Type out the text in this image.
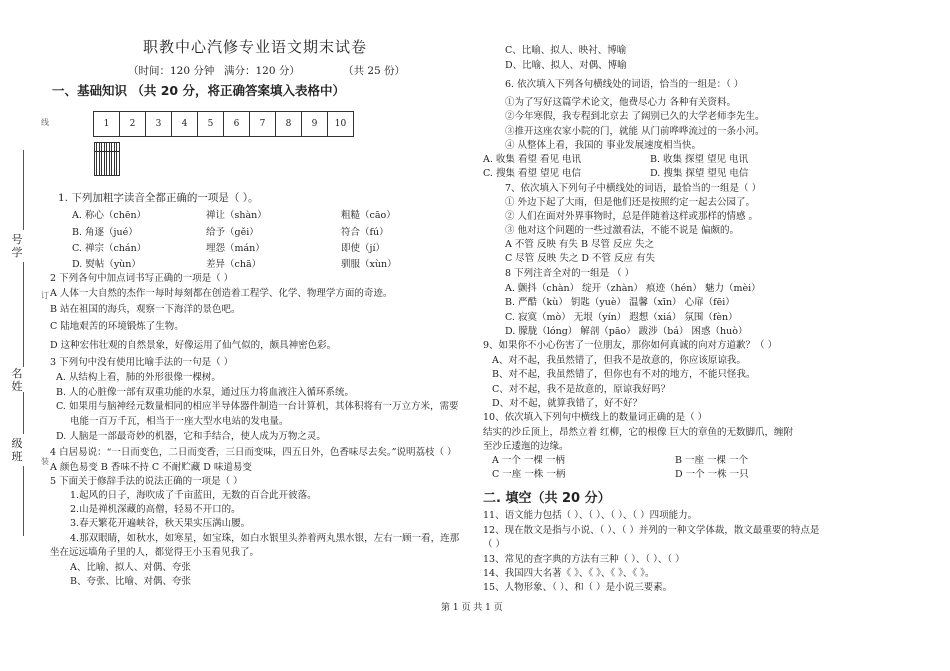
线
订
装
号学
名姓
级班
职教中心汽修专业语文期末试卷
（时间：120 分钟 满分：120 分）	（共 25 份）
一、基础知识 （共 20 分，将正确答案填入表格中）
1	2	3	4	5	6	7	8	9	10

1. 下列加粗字读音全都正确的一项是（ ）。
A. 称心（chēn）	禅让（shàn）	粗糙（cāo）
B. 角逐（jué）	给予（gěi）	符合（fú）
C. 禅宗（chán）	埋怨（mán）	即使（jí）
D. 熨帖（yùn）	差异（chā）	驯服（xùn）
2 下列各句中加点词书写正确的一项是（ ）
A 人体一大自然的杰作一每时每刻都在创造着工程学、化学、物理学方面的奇迹。
B 站在祖国的海兵，观察一下海洋的景色吧。
C 陆地艰苦的环境锻炼了生物。
D 这种宏伟壮观的自然景象，好像运用了仙气似的，颇具神密色彩。
3 下列句中没有使用比喻手法的一句是（ ）
A. 从结构上看，肺的外形很像一棵树。
B. 人的心脏像一部有双重功能的水泵，通过压力将血液注入循环系统。
C. 如果用与脑神经元数量相同的相应半导体器件制造一台计算机，其体积将有一万立方米，需要
电能一百万千瓦，相当于一座大型水电站的发电量。
D. 人脑是一部最奇妙的机器，它和手结合，使人成为万物之灵。
4 白居易说：“一日而变色，二日而变香，三日而变味，四五日外，色香味尽去矣。”说明荔枝（ ）
A 颜色易变 B 香味不持 C 不耐贮藏 D 味道易变
5 下面关于修辞手法的说法正确的一项是（ ）
1.起风的日子，海吹成了千亩蓝田，无数的百合此开彼落。
2.山是禅机深藏的高僧，轻易不开口的。
3.春天繁花开遍峡谷，秋天果实压满山腰。
4.那双眼睛，如秋水，如寒星，如宝珠，如白水银里头养着两丸黑水银，左右一顾一看，连那
坐在远远墙角子里的人，都觉得王小玉看见我了。
A、比喻、拟人、对偶、夸张
B、夸张、比喻、对偶、夸张
C、比喻、拟人、映衬、博喻
D、比喻、拟人、对偶、博喻
6. 依次填入下列各句横线处的词语，恰当的一组是：（ ）
①为了写好这篇学术论文，他费尽心力 各种有关资料。
②今年寒假，我专程到北京去 了阔别已久的大学老师李先生。
③推开这座农家小院的门，就能 从门前哗哗流过的一条小河。
④ 从整体上看，我国的 事业发展速度相当快。
A. 收集 看望 看见 电讯	B. 收集 探望 望见 电讯
C. 搜集 看望 望见 电信	D. 搜集 探望 望见 电信
7、依次填入下列句子中横线处的词语，最恰当的一组是（ ）
① 外边下起了大雨，但是他们还是按照约定一起去公园了。
② 人们在面对外界事物时，总是伴随着这样或那样的情感 。
③ 他对这个问题的一些过激看法，不能不说是 偏颇的。
A 不管 反映 有失 B 尽管 反应 失之
C 尽管 反映 失之 D 不管 反应 有失
8 下列注音全对的一组是 （ ）
A. 颤抖（chàn） 绽开（zhàn） 痕迹（hén） 魅力（mèi）
B. 严酷（kù） 钥匙（yuè） 温馨（xīn） 心扉（fēi）
C. 寂寞（mò） 无垠（yín） 遐想（xiá） 氛围（fèn）
D. 朦胧（lóng） 解剖（pāo） 跋涉（bá） 困惑（huò）
9、如果你不小心伤害了一位朋友，那你如何真诚的向对方道歉？（ ）
A、对不起，我虽然错了，但我不是故意的，你应该原谅我。
B、对不起，我虽然错了，但你也有不对的地方，不能只怪我。
C、对不起，我不是故意的，原谅我好吗？
D、对不起，就算我错了，好不好？
10、依次填入下列句中横线上的数量词正确的是（ ）
结实的沙丘顶上，昂然立着 红柳，它的根像 巨大的章鱼的无数脚爪，缠附
至沙丘逶迤的边缘。
A 一个 一棵 一柄	B 一座 一棵 一个
C 一座 一株 一柄	D 一个 一株 一只
二. 填空（共 20 分）
11、语文能力包括（ ）、（ ）、（ ）、（ ）四项能力。
12、现在散文是指与小说、（ ）、（ ）并列的一种文学体裁，散文最重要的特点是
（ ）
13、常见的查字典的方法有三种（ ）、（ ）、（ ）
14、我国四大名著《 》、《 》、《 》、《 》。
15、人物形象、（ ）、和（ ）是小说三要素。
第 1 页 共 1 页
